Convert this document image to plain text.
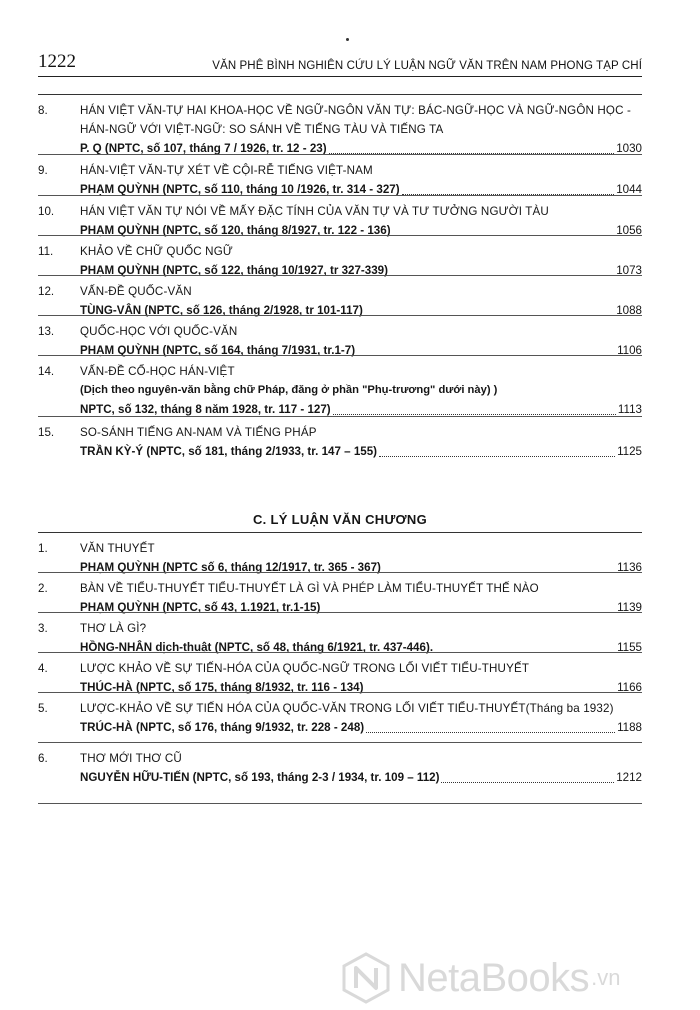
1222	VĂN PHÊ BÌNH NGHIÊN CỨU LÝ LUẬN NGỮ VĂN TRÊN NAM PHONG TẠP CHÍ
8.	HÁN VIỆT VĂN-TỰ HAI KHOA-HỌC VỀ NGỮ-NGÔN VĂN TỰ: BÁC-NGỮ-HỌC VÀ NGỮ-NGÔN HỌC -
HÁN-NGỮ VỚI VIỆT-NGỮ: SO SÁNH VỀ TIẾNG TÀU VÀ TIẾNG TA
P. Q (NPTC, số 107, tháng 7 / 1926, tr. 12 - 23)	1030
9.	HÁN-VIỆT VĂN-TỰ XÉT VỀ CỘI-RỄ TIẾNG VIỆT-NAM
PHẠM QUỲNH (NPTC, số 110, tháng 10 /1926, tr. 314 - 327)	1044
10. HÁN VIỆT VĂN TỰ NÓI VỀ MẤY ĐẶC TÍNH CỦA VĂN TỰ VÀ TƯ TƯỞNG NGƯỜI TÀU
PHẠM QUỲNH (NPTC, số 120, tháng 8/1927, tr. 122 - 136)	1056
11. KHẢO VỀ CHỮ QUỐC NGỮ
PHẠM QUỲNH (NPTC, số 122, tháng 10/1927, tr 327-339)	1073
12. VẤN-ĐỀ QUỐC-VĂN
TÙNG-VÂN (NPTC, số 126, tháng 2/1928, tr 101-117)	1088
13. QUỐC-HỌC VỚI QUỐC-VĂN
PHẠM QUỲNH (NPTC, số 164, tháng 7/1931, tr.1-7)	1106
14. VẤN-ĐỀ CỔ-HỌC HÁN-VIỆT
(Dịch theo nguyên-văn bằng chữ Pháp, đăng ở phần "Phụ-trương" dưới này) )
NPTC, số 132, tháng 8 năm 1928, tr. 117 - 127)	1113
15. SO-SÁNH TIẾNG AN-NAM VÀ TIẾNG PHÁP
TRẦN KỲ-Ý (NPTC, số 181, tháng 2/1933, tr. 147 – 155)	1125
1.	VĂN THUYẾT
PHẠM QUỲNH (NPTC số 6, tháng 12/1917, tr. 365 - 367)	1136
2.	BÀN VỀ TIỂU-THUYẾT TIỂU-THUYẾT LÀ GÌ VÀ PHÉP LÀM TIỂU-THUYẾT THẾ NÀO
PHẠM QUỲNH (NPTC, số 43, 1.1921, tr.1-15)	1139
3.	THƠ LÀ GÌ?
HỒNG-NHÂN dịch-thuật (NPTC, số 48, tháng 6/1921, tr. 437-446).	1155
4.	LƯỢC KHẢO VỀ SỰ TIẾN-HÓA CỦA QUỐC-NGỮ TRONG LỐI VIẾT TIỂU-THUYẾT
THÚC-HÀ (NPTC, số 175, tháng 8/1932, tr. 116 - 134)	1166
5.	LƯỢC-KHẢO VỀ SỰ TIẾN HÓA CỦA QUỐC-VĂN TRONG LỐI VIẾT TIỂU-THUYẾT(Tháng ba 1932)
TRÚC-HÀ (NPTC, số 176, tháng 9/1932, tr. 228 - 248)	1188
6.	THƠ MỚI THƠ CŨ
NGUYỄN HỮU-TIẾN (NPTC, số 193, tháng 2-3 / 1934, tr. 109 – 112)	1212
C. LÝ LUẬN VĂN CHƯƠNG
NetaBooks .vn
